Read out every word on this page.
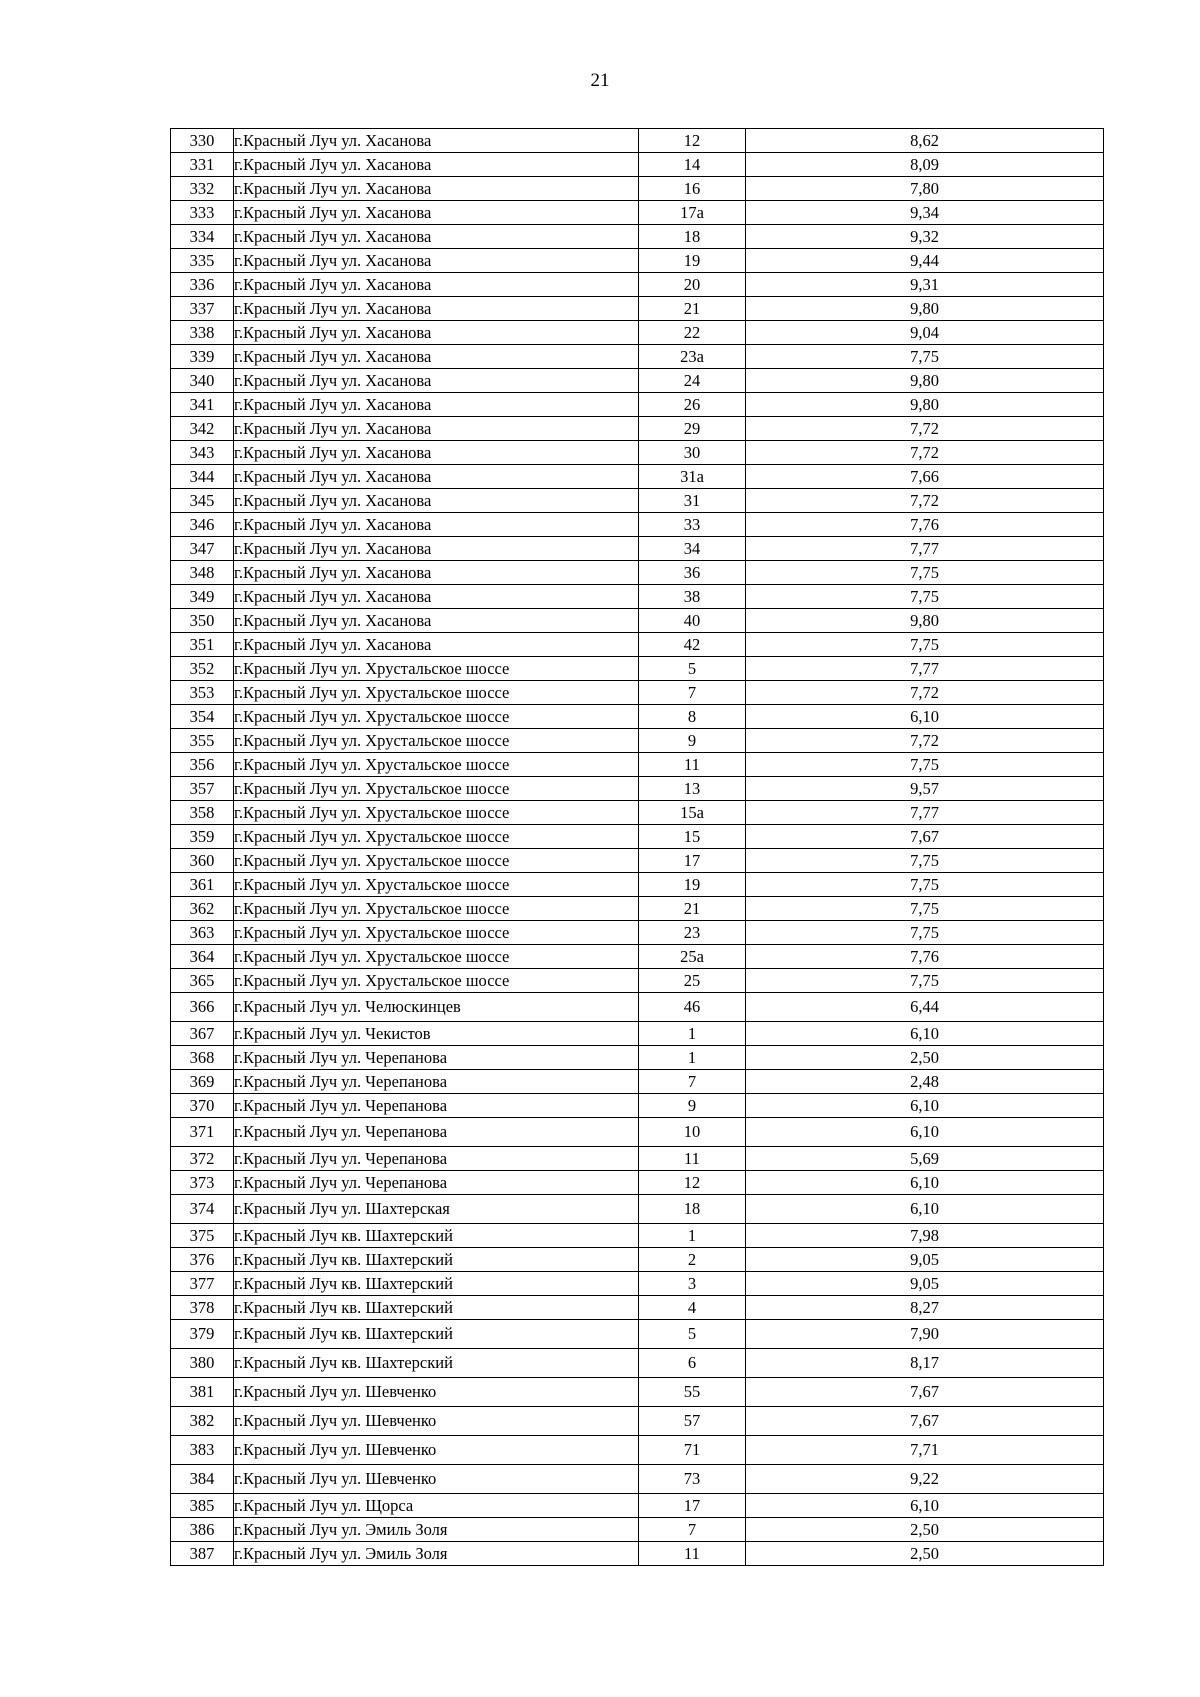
21
330	г.Красный Луч ул. Хасанова	12	8,62
331	г.Красный Луч ул. Хасанова	14	8,09
332	г.Красный Луч ул. Хасанова	16	7,80
333	г.Красный Луч ул. Хасанова	17а	9,34
334	г.Красный Луч ул. Хасанова	18	9,32
335	г.Красный Луч ул. Хасанова	19	9,44
336	г.Красный Луч ул. Хасанова	20	9,31
337	г.Красный Луч ул. Хасанова	21	9,80
338	г.Красный Луч ул. Хасанова	22	9,04
339	г.Красный Луч ул. Хасанова	23а	7,75
340	г.Красный Луч ул. Хасанова	24	9,80
341	г.Красный Луч ул. Хасанова	26	9,80
342	г.Красный Луч ул. Хасанова	29	7,72
343	г.Красный Луч ул. Хасанова	30	7,72
344	г.Красный Луч ул. Хасанова	31а	7,66
345	г.Красный Луч ул. Хасанова	31	7,72
346	г.Красный Луч ул. Хасанова	33	7,76
347	г.Красный Луч ул. Хасанова	34	7,77
348	г.Красный Луч ул. Хасанова	36	7,75
349	г.Красный Луч ул. Хасанова	38	7,75
350	г.Красный Луч ул. Хасанова	40	9,80
351	г.Красный Луч ул. Хасанова	42	7,75
352	г.Красный Луч ул. Хрустальское шоссе	5	7,77
353	г.Красный Луч ул. Хрустальское шоссе	7	7,72
354	г.Красный Луч ул. Хрустальское шоссе	8	6,10
355	г.Красный Луч ул. Хрустальское шоссе	9	7,72
356	г.Красный Луч ул. Хрустальское шоссе	11	7,75
357	г.Красный Луч ул. Хрустальское шоссе	13	9,57
358	г.Красный Луч ул. Хрустальское шоссе	15а	7,77
359	г.Красный Луч ул. Хрустальское шоссе	15	7,67
360	г.Красный Луч ул. Хрустальское шоссе	17	7,75
361	г.Красный Луч ул. Хрустальское шоссе	19	7,75
362	г.Красный Луч ул. Хрустальское шоссе	21	7,75
363	г.Красный Луч ул. Хрустальское шоссе	23	7,75
364	г.Красный Луч ул. Хрустальское шоссе	25а	7,76
365	г.Красный Луч ул. Хрустальское шоссе	25	7,75
366	г.Красный Луч ул. Челюскинцев	46	6,44
367	г.Красный Луч ул. Чекистов	1	6,10
368	г.Красный Луч ул. Черепанова	1	2,50
369	г.Красный Луч ул. Черепанова	7	2,48
370	г.Красный Луч ул. Черепанова	9	6,10
371	г.Красный Луч ул. Черепанова	10	6,10
372	г.Красный Луч ул. Черепанова	11	5,69
373	г.Красный Луч ул. Черепанова	12	6,10
374	г.Красный Луч ул. Шахтерская	18	6,10
375	г.Красный Луч кв. Шахтерский	1	7,98
376	г.Красный Луч кв. Шахтерский	2	9,05
377	г.Красный Луч кв. Шахтерский	3	9,05
378	г.Красный Луч кв. Шахтерский	4	8,27
379	г.Красный Луч кв. Шахтерский	5	7,90
380	г.Красный Луч кв. Шахтерский	6	8,17
381	г.Красный Луч ул. Шевченко	55	7,67
382	г.Красный Луч ул. Шевченко	57	7,67
383	г.Красный Луч ул. Шевченко	71	7,71
384	г.Красный Луч ул. Шевченко	73	9,22
385	г.Красный Луч ул. Щорса	17	6,10
386	г.Красный Луч ул. Эмиль Золя	7	2,50
387	г.Красный Луч ул. Эмиль Золя	11	2,50
